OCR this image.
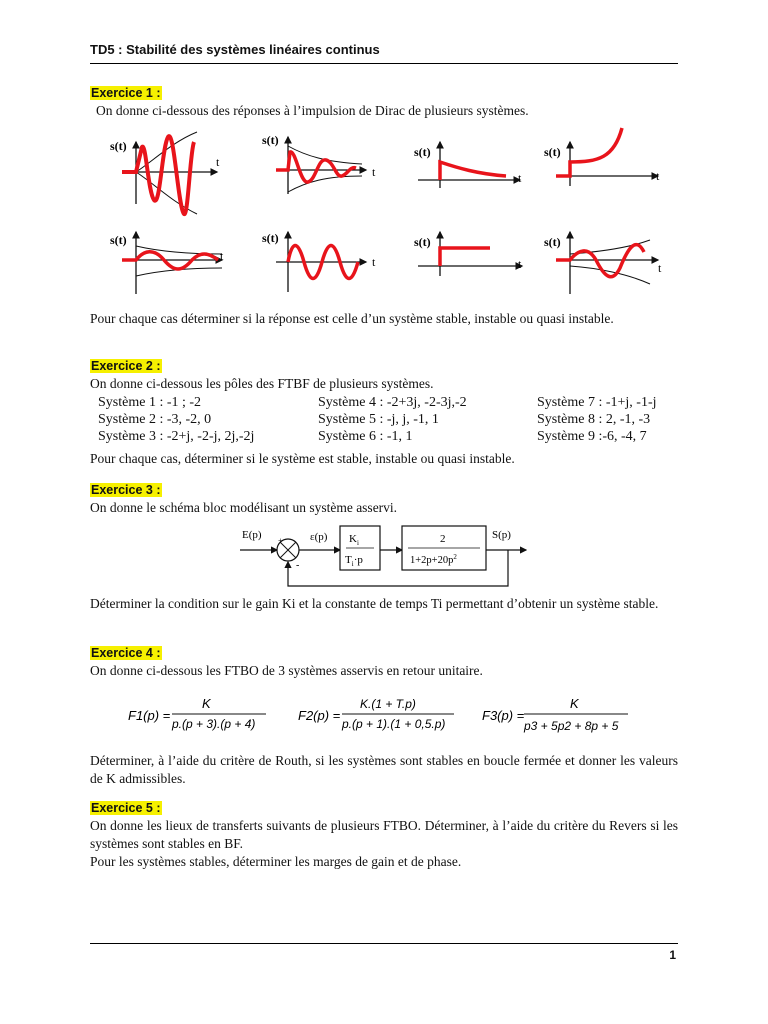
TD5 : Stabilité des systèmes linéaires continus
Exercice 1 :
On donne ci-dessous des réponses à l’impulsion de Dirac de plusieurs systèmes.
s(t)
t
s(t)
t
s(t)
t
s(t)
t
s(t)
t
s(t)
t
s(t)
t
s(t)
t
Pour chaque cas déterminer si la réponse est celle d’un système stable, instable ou quasi instable.
Exercice 2 :
On donne ci-dessous les pôles des FTBF de plusieurs systèmes.
Système 1 : -1 ; -2
Système 2 : -3, -2, 0
Système 3 : -2+j, -2-j, 2j,-2j
Système 4 : -2+3j, -2-3j,-2
Système 5 : -j, j, -1, 1
Système 6 : -1, 1
Système 7 : -1+j, -1-j
Système 8 : 2, -1, -3
Système 9 :-6, -4, 7
Pour chaque cas, déterminer si le système est stable, instable ou quasi instable.
Exercice 3 :
On donne le schéma bloc modélisant un système asservi.
E(p) +
-
ε(p) $K_i$
$T_i\cdot p$
2
$1+2p+20p^2$
S(p)
Déterminer la condition sur le gain Ki et la constante de temps Ti permettant d’obtenir un système stable.
Exercice 4 :
On donne ci-dessous les FTBO de 3 systèmes asservis en retour unitaire.
F1(p) =
K
p.(p + 3).(p + 4)
F2(p) =
K.(1 + T.p)
p.(p + 1).(1 + 0,5.p)
F3(p) =
K
p3 + 5p2 + 8p + 5
Déterminer, à l’aide du critère de Routh, si les systèmes sont stables en boucle fermée et donner les valeurs de K admissibles.
Exercice 5 :
On donne les lieux de transferts suivants de plusieurs FTBO. Déterminer, à l’aide du critère du Revers si les systèmes sont stables en BF.
Pour les systèmes stables, déterminer les marges de gain et de phase.
1
